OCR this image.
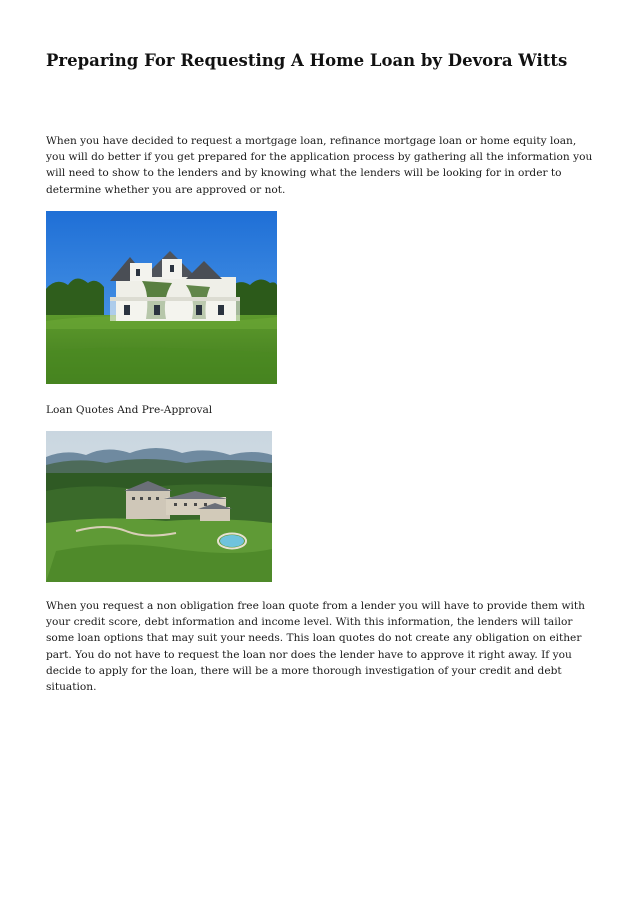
Preparing For Requesting A Home Loan by Devora Witts

When you have decided to request a mortgage loan, refinance mortgage loan or home equity loan, you will do better if you get prepared for the application process by gathering all the information you will need to show to the lenders and by knowing what the lenders will be looking for in order to determine whether you are approved or not.

Loan Quotes And Pre-Approval

When you request a non obligation free loan quote from a lender you will have to provide them with your credit score, debt information and income level. With this information, the lenders will tailor some loan options that may suit your needs. This loan quotes do not create any obligation on either part. You do not have to request the loan nor does the lender have to approve it right away. If you decide to apply for the loan, there will be a more thorough investigation of your credit and debt situation.
